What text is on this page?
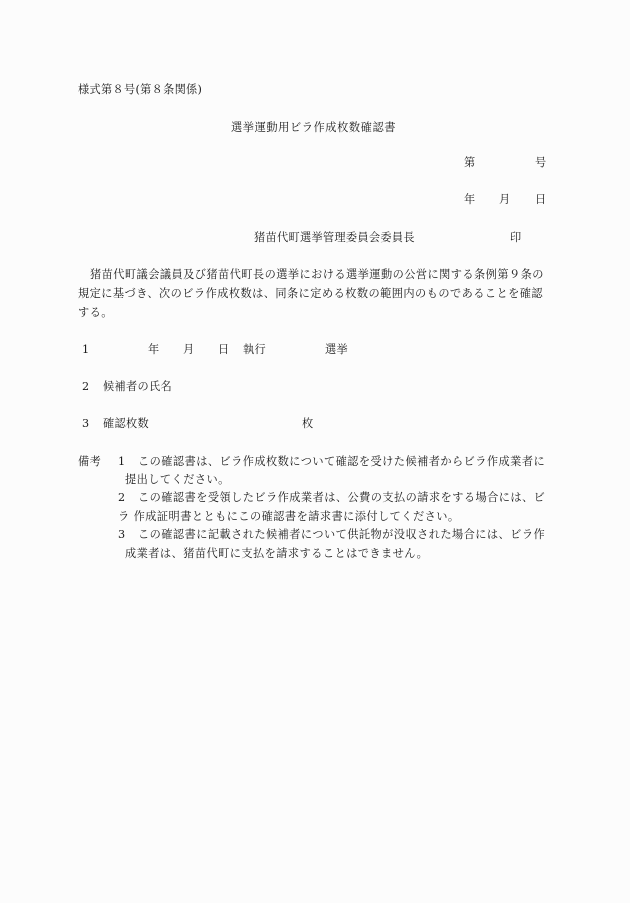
様式第８号(第８条関係)
選挙運動用ビラ作成枚数確認書
第	号
年 月 日
猪苗代町選挙管理委員会委員長	印
猪苗代町議会議員及び猪苗代町長の選挙における選挙運動の公営に関する条例第９条の規定に基づき、次のビラ作成枚数は、同条に定める枚数の範囲内のものであることを確認する。
1	年 月 日 執行	選挙
2 候補者の氏名
3 確認枚数	枚
備考 1 この確認書は、ビラ作成枚数について確認を受けた候補者からビラ作成業者に
提出してください。
2 この確認書を受領したビラ作成業者は、公費の支払の請求をする場合には、ビ
ラ 作成証明書とともにこの確認書を請求書に添付してください。
3 この確認書に記載された候補者について供託物が没収された場合には、ビラ作
成業者は、猪苗代町に支払を請求することはできません。
